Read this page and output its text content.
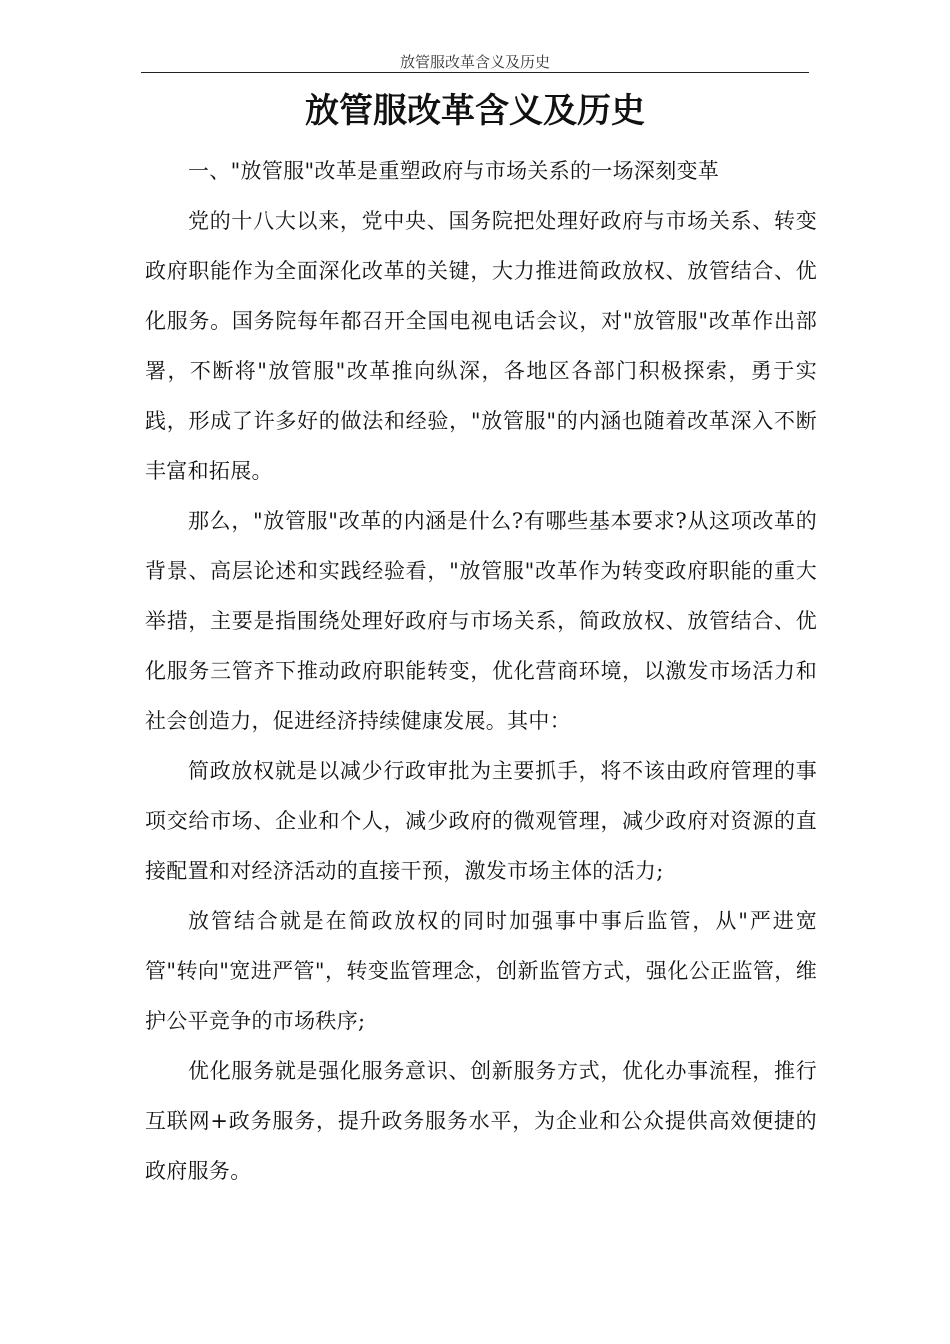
放管服改革含义及历史
放管服改革含义及历史

一、"放管服"改革是重塑政府与市场关系的一场深刻变革

党的十八大以来，党中央、国务院把处理好政府与市场关系、转变政府职能作为全面深化改革的关键，大力推进简政放权、放管结合、优化服务。国务院每年都召开全国电视电话会议，对"放管服"改革作出部署，不断将"放管服"改革推向纵深，各地区各部门积极探索，勇于实践，形成了许多好的做法和经验，"放管服"的内涵也随着改革深入不断丰富和拓展。

那么，"放管服"改革的内涵是什么?有哪些基本要求?从这项改革的背景、高层论述和实践经验看，"放管服"改革作为转变政府职能的重大举措，主要是指围绕处理好政府与市场关系，简政放权、放管结合、优化服务三管齐下推动政府职能转变，优化营商环境，以激发市场活力和社会创造力，促进经济持续健康发展。其中：

简政放权就是以减少行政审批为主要抓手，将不该由政府管理的事项交给市场、企业和个人，减少政府的微观管理，减少政府对资源的直接配置和对经济活动的直接干预，激发市场主体的活力;

放管结合就是在简政放权的同时加强事中事后监管，从"严进宽管"转向"宽进严管"，转变监管理念，创新监管方式，强化公正监管，维护公平竞争的市场秩序;

优化服务就是强化服务意识、创新服务方式，优化办事流程，推行互联网+政务服务，提升政务服务水平，为企业和公众提供高效便捷的政府服务。
